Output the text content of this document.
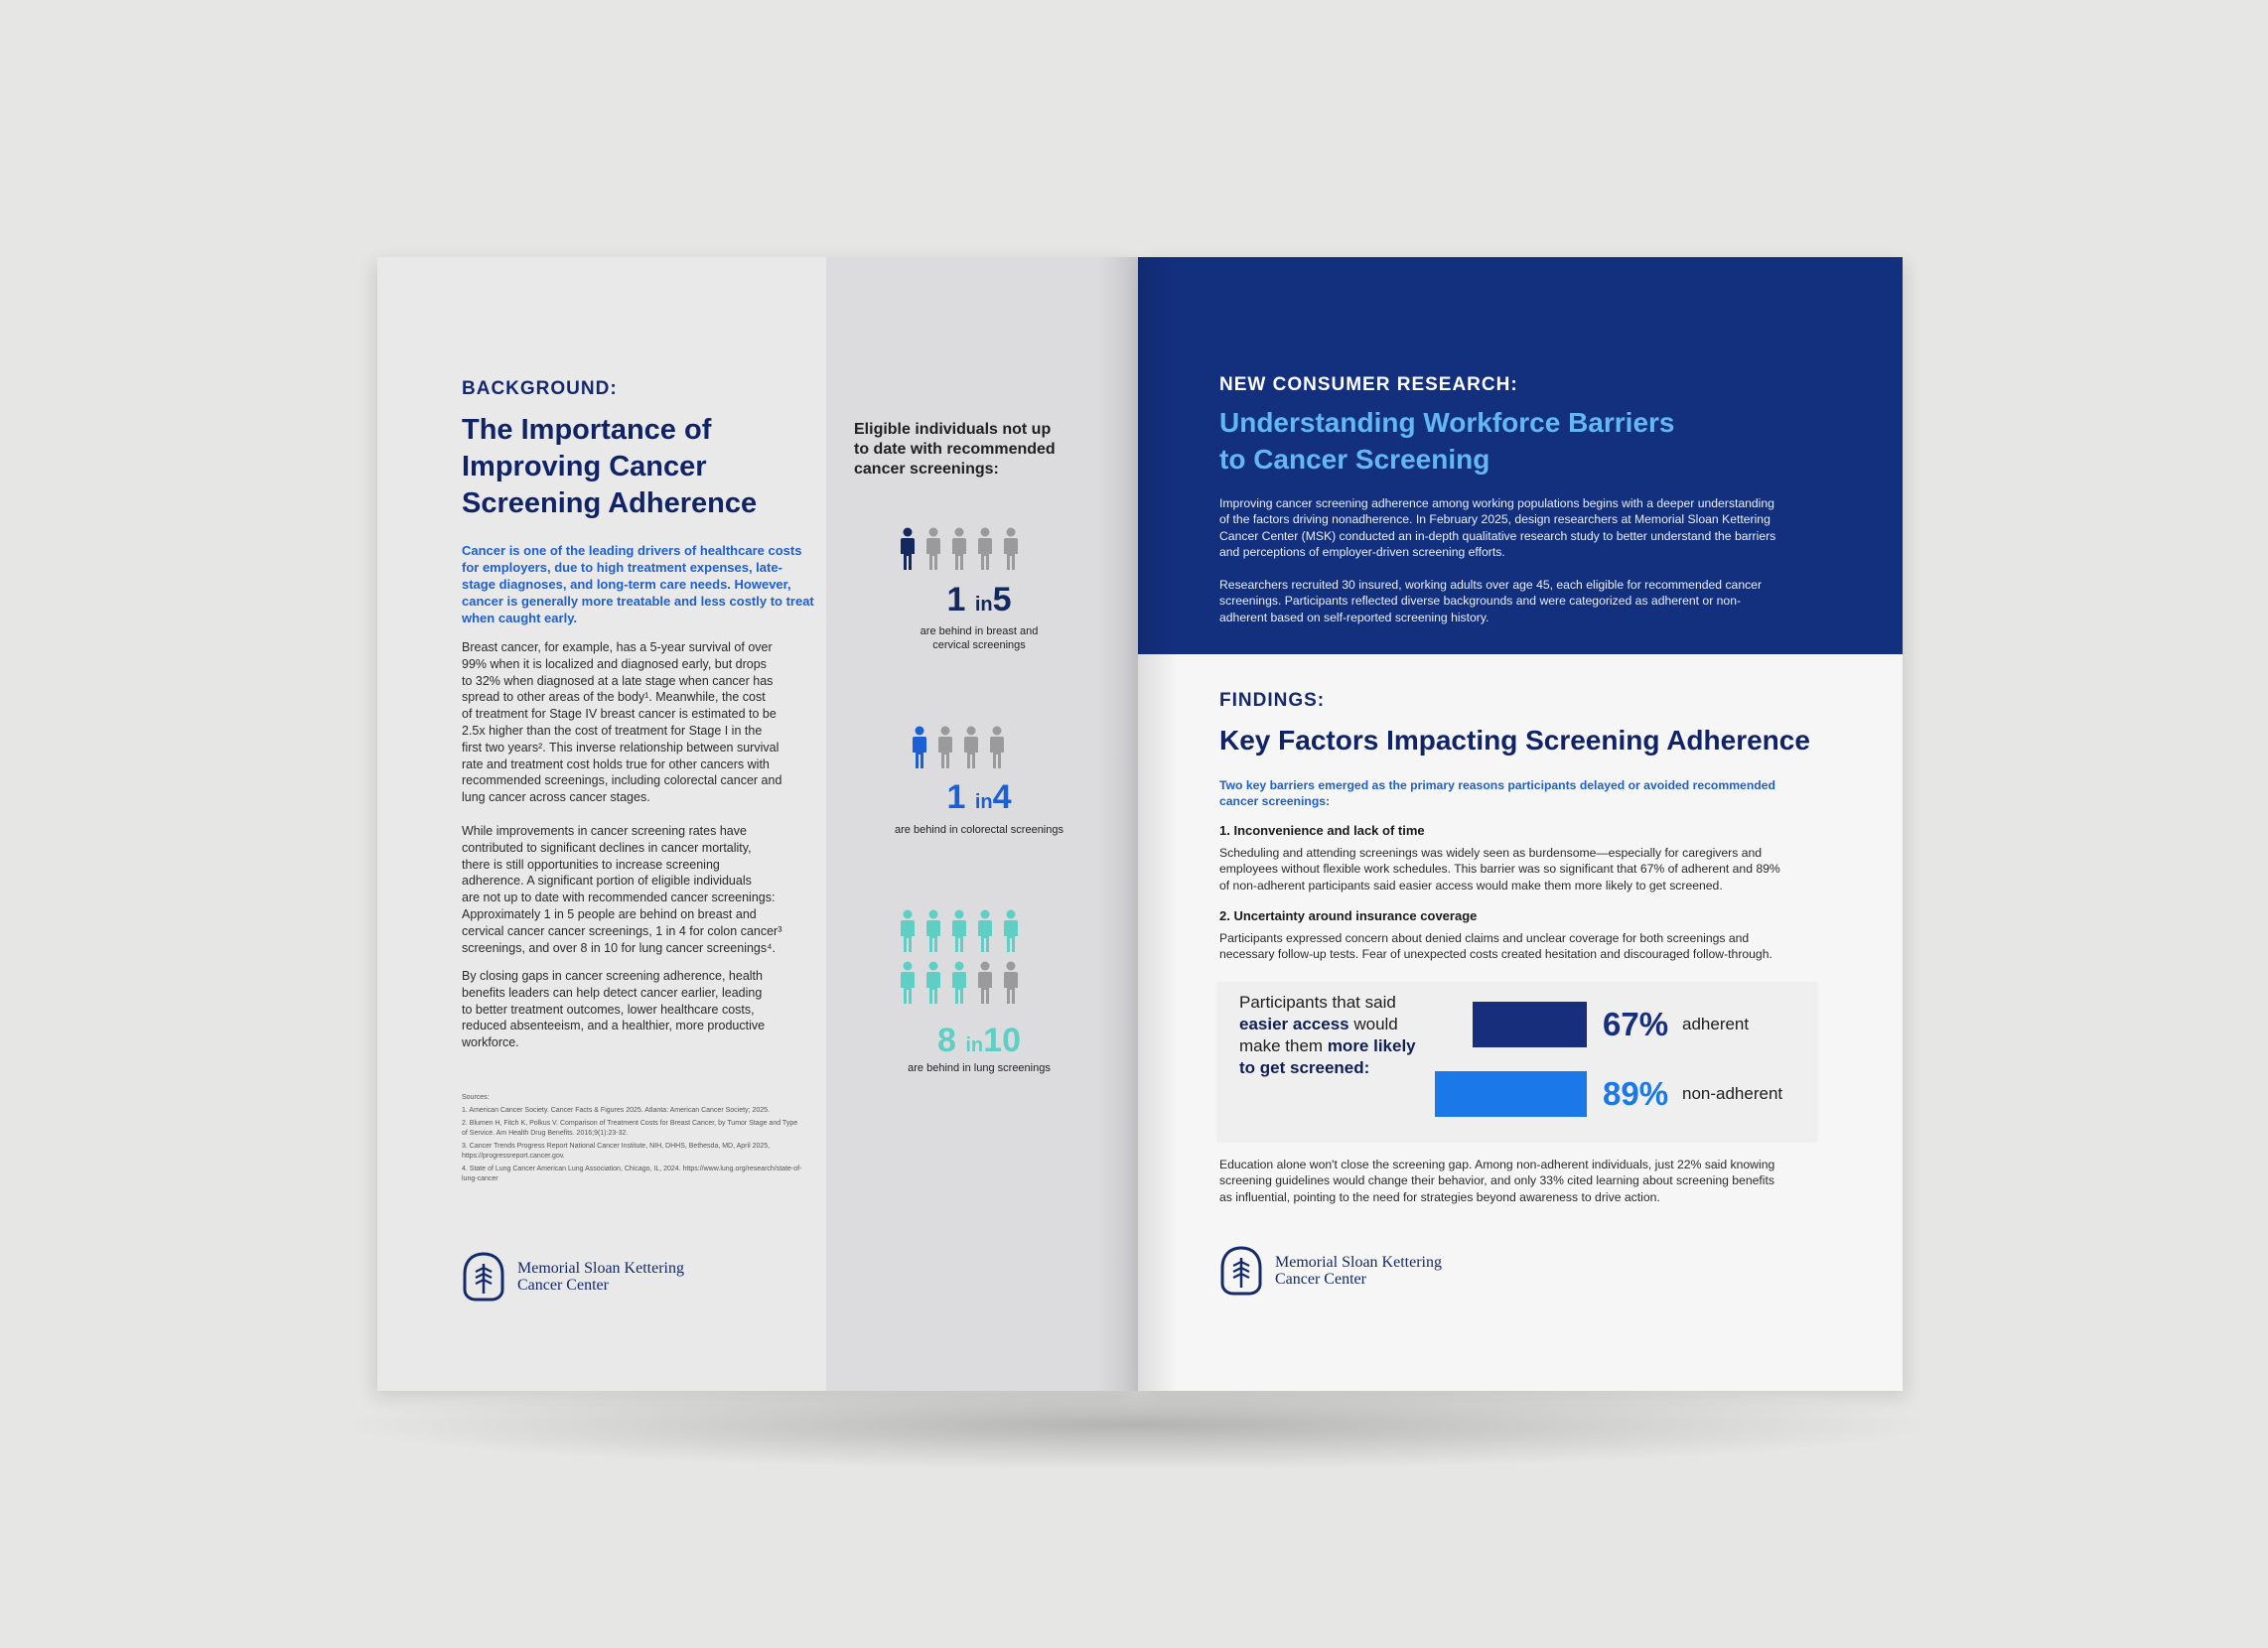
BACKGROUND:
The Importance of
Improving Cancer
Screening Adherence
Cancer is one of the leading drivers of healthcare costs
for employers, due to high treatment expenses, late-
stage diagnoses, and long-term care needs. However,
cancer is generally more treatable and less costly to treat
when caught early.
Breast cancer, for example, has a 5-year survival of over
99% when it is localized and diagnosed early, but drops
to 32% when diagnosed at a late stage when cancer has
spread to other areas of the body¹. Meanwhile, the cost
of treatment for Stage IV breast cancer is estimated to be
2.5x higher than the cost of treatment for Stage I in the
first two years². This inverse relationship between survival
rate and treatment cost holds true for other cancers with
recommended screenings, including colorectal cancer and
lung cancer across cancer stages.
While improvements in cancer screening rates have
contributed to significant declines in cancer mortality,
there is still opportunities to increase screening
adherence. A significant portion of eligible individuals
are not up to date with recommended cancer screenings:
Approximately 1 in 5 people are behind on breast and
cervical cancer cancer screenings, 1 in 4 for colon cancer³
screenings, and over 8 in 10 for lung cancer screenings⁴.
By closing gaps in cancer screening adherence, health
benefits leaders can help detect cancer earlier, leading
to better treatment outcomes, lower healthcare costs,
reduced absenteeism, and a healthier, more productive
workforce.

Sources:

1. American Cancer Society. Cancer Facts & Figures 2025. Atlanta: American Cancer Society; 2025.

2. Blumen H, Fitch K, Polkus V. Comparison of Treatment Costs for Breast Cancer, by Tumor Stage and Type of Service. Am Health Drug Benefits. 2016;9(1):23-32.

3. Cancer Trends Progress Report National Cancer Institute, NIH, DHHS, Bethesda, MD, April 2025, https://progressreport.cancer.gov.

4. State of Lung Cancer American Lung Association, Chicago, IL, 2024. https://www.lung.org/research/state-of-lung-cancer

Memorial Sloan Kettering
Cancer Center
Eligible individuals not up
to date with recommended
cancer screenings:
1 in5
are behind in breast and
cervical screenings
1 in4
are behind in colorectal screenings
8 in10
are behind in lung screenings
NEW CONSUMER RESEARCH:
Understanding Workforce Barriers
to Cancer Screening
Improving cancer screening adherence among working populations begins with a deeper understanding
of the factors driving nonadherence. In February 2025, design researchers at Memorial Sloan Kettering
Cancer Center (MSK) conducted an in-depth qualitative research study to better understand the barriers
and perceptions of employer-driven screening efforts.
Researchers recruited 30 insured, working adults over age 45, each eligible for recommended cancer
screenings. Participants reflected diverse backgrounds and were categorized as adherent or non-
adherent based on self-reported screening history.
FINDINGS:
Key Factors Impacting Screening Adherence
Two key barriers emerged as the primary reasons participants delayed or avoided recommended
cancer screenings:
1. Inconvenience and lack of time
Scheduling and attending screenings was widely seen as burdensome—especially for caregivers and
employees without flexible work schedules. This barrier was so significant that 67% of adherent and 89%
of non-adherent participants said easier access would make them more likely to get screened.
2. Uncertainty around insurance coverage
Participants expressed concern about denied claims and unclear coverage for both screenings and
necessary follow-up tests. Fear of unexpected costs created hesitation and discouraged follow-through.
Participants that said
easier access would
make them more likely
to get screened:
67%
89%
adherent
non-adherent
Education alone won't close the screening gap. Among non-adherent individuals, just 22% said knowing
screening guidelines would change their behavior, and only 33% cited learning about screening benefits
as influential, pointing to the need for strategies beyond awareness to drive action.
Memorial Sloan Kettering
Cancer Center
